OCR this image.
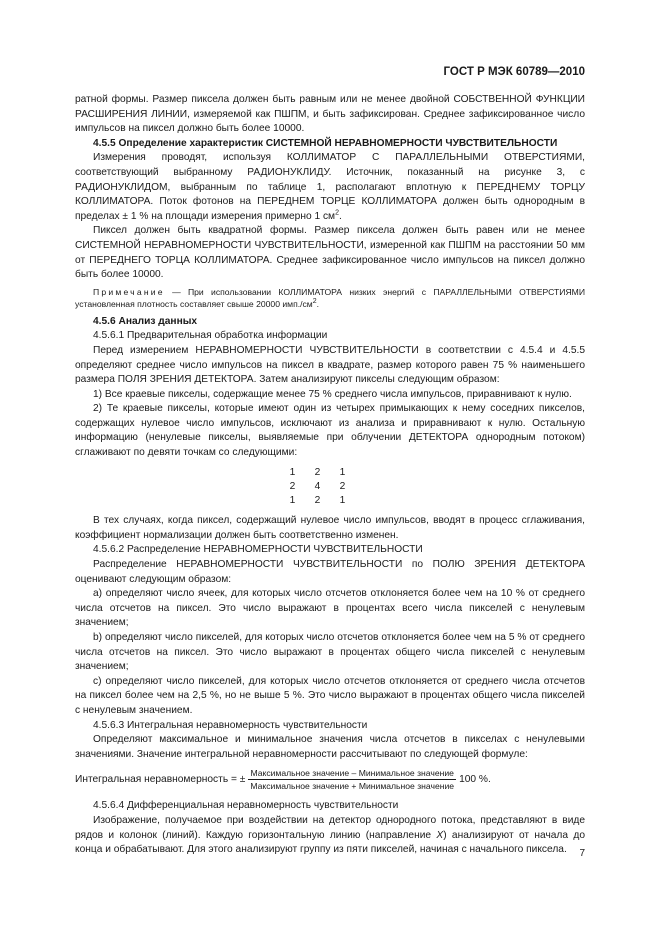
ГОСТ Р МЭК 60789—2010

ратной формы. Размер пиксела должен быть равным или не менее двойной СОБСТВЕННОЙ ФУНКЦИИ РАСШИРЕНИЯ ЛИНИИ, измеряемой как ПШПМ, и быть зафиксирован. Среднее зафиксированное число импульсов на пиксел должно быть более 10000.

4.5.5 Определение характеристик СИСТЕМНОЙ НЕРАВНОМЕРНОСТИ ЧУВСТВИТЕЛЬНОСТИ

Измерения проводят, используя КОЛЛИМАТОР С ПАРАЛЛЕЛЬНЫМИ ОТВЕРСТИЯМИ, соответствующий выбранному РАДИОНУКЛИДУ. Источник, показанный на рисунке 3, с РАДИОНУКЛИДОМ, выбранным по таблице 1, располагают вплотную к ПЕРЕДНЕМУ ТОРЦУ КОЛЛИМАТОРА. Поток фотонов на ПЕРЕДНЕМ ТОРЦЕ КОЛЛИМАТОРА должен быть однородным в пределах ± 1 % на площади измерения примерно 1 $см^2$.

Пиксел должен быть квадратной формы. Размер пиксела должен быть равен или не менее СИСТЕМНОЙ НЕРАВНОМЕРНОСТИ ЧУВСТВИТЕЛЬНОСТИ, измеренной как ПШПМ на расстоянии 50 мм от ПЕРЕДНЕГО ТОРЦА КОЛЛИМАТОРА. Среднее зафиксированное число импульсов на пиксел должно быть более 10000.

Примечание — При использовании КОЛЛИМАТОРА низких энергий с ПАРАЛЛЕЛЬНЫМИ ОТВЕРСТИЯМИ установленная плотность составляет свыше 20000 $имп./см^2$.

4.5.6 Анализ данных

4.5.6.1 Предварительная обработка информации

Перед измерением НЕРАВНОМЕРНОСТИ ЧУВСТВИТЕЛЬНОСТИ в соответствии с 4.5.4 и 4.5.5 определяют среднее число импульсов на пиксел в квадрате, размер которого равен 75 % наименьшего размера ПОЛЯ ЗРЕНИЯ ДЕТЕКТОРА. Затем анализируют пикселы следующим образом:

1) Все краевые пикселы, содержащие менее 75 % среднего числа импульсов, приравнивают к нулю.

2) Те краевые пикселы, которые имеют один из четырех примыкающих к нему соседних пикселов, содержащих нулевое число импульсов, исключают из анализа и приравнивают к нулю. Остальную информацию (ненулевые пикселы, выявляемые при облучении ДЕТЕКТОРА однородным потоком) сглаживают по девяти точкам со следующими:

1	2	1
2	4	2
1	2	1

В тех случаях, когда пиксел, содержащий нулевое число импульсов, вводят в процесс сглаживания, коэффициент нормализации должен быть соответственно изменен.

4.5.6.2 Распределение НЕРАВНОМЕРНОСТИ ЧУВСТВИТЕЛЬНОСТИ

Распределение НЕРАВНОМЕРНОСТИ ЧУВСТВИТЕЛЬНОСТИ по ПОЛЮ ЗРЕНИЯ ДЕТЕКТОРА оценивают следующим образом:

а) определяют число ячеек, для которых число отсчетов отклоняется более чем на 10 % от среднего числа отсчетов на пиксел. Это число выражают в процентах всего числа пикселей с ненулевым значением;

b) определяют число пикселей, для которых число отсчетов отклоняется более чем на 5 % от среднего числа отсчетов на пиксел. Это число выражают в процентах общего числа пикселей с ненулевым значением;

c) определяют число пикселей, для которых число отсчетов отклоняется от среднего числа отсчетов на пиксел более чем на 2,5 %, но не выше 5 %. Это число выражают в процентах общего числа пикселей с ненулевым значением.

4.5.6.3 Интегральная неравномерность чувствительности

Определяют максимальное и минимальное значения числа отсчетов в пикселах с ненулевыми значениями. Значение интегральной неравномерности рассчитывают по следующей формуле:

Интегральная неравномерность = ± $\frac{\text{Максимальное значение – Минимальное значение}}{\text{Максимальное значение + Минимальное значение}} 100$ %.

4.5.6.4 Дифференциальная неравномерность чувствительности

Изображение, получаемое при воздействии на детектор однородного потока, представляют в виде рядов и колонок (линий). Каждую горизонтальную линию (направление X) анализируют от начала до конца и обрабатывают. Для этого анализируют группу из пяти пикселей, начиная с начального пиксела.	7
